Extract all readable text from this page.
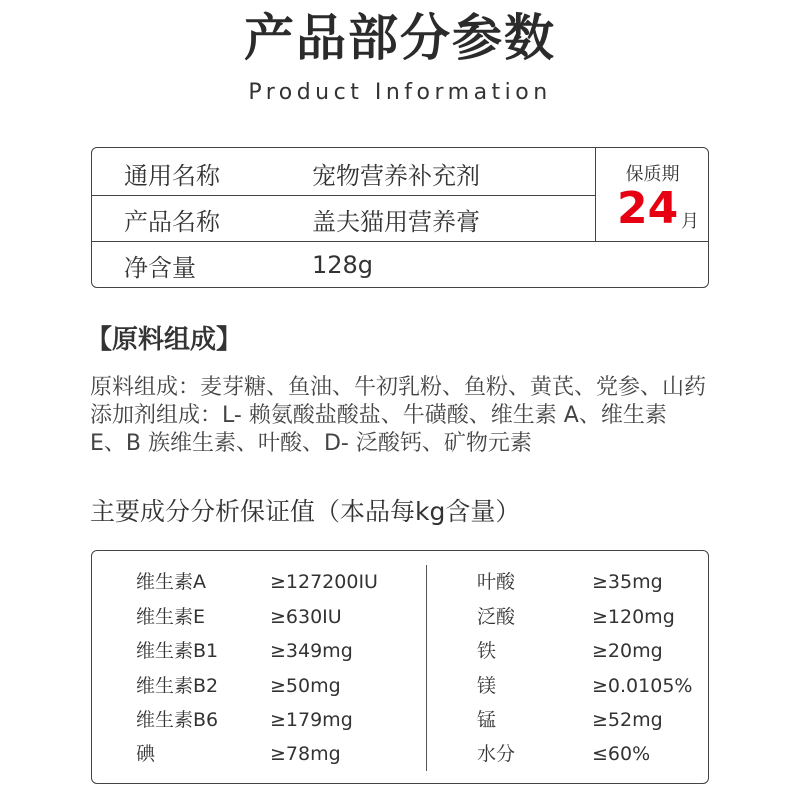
产品部分参数
Product Information
通用名称	宠物营养补充剂
产品名称	盖夫猫用营养膏
净含量	128g
保质期
24 月
【原料组成】
原料组成：麦芽糖、鱼油、牛初乳粉、鱼粉、黄芪、党参、山药
添加剂组成：L- 赖氨酸盐酸盐、牛磺酸、维生素 A、维生素
E、B 族维生素、叶酸、D- 泛酸钙、矿物元素
主要成分分析保证值（本品每kg含量）
维生素A	≥127200IU
维生素E	≥630IU
维生素B1	≥349mg
维生素B2	≥50mg
维生素B6	≥179mg
碘	≥78mg
叶酸	≥35mg
泛酸	≥120mg
铁	≥20mg
镁	≥0.0105%
锰	≥52mg
水分	≤60%
